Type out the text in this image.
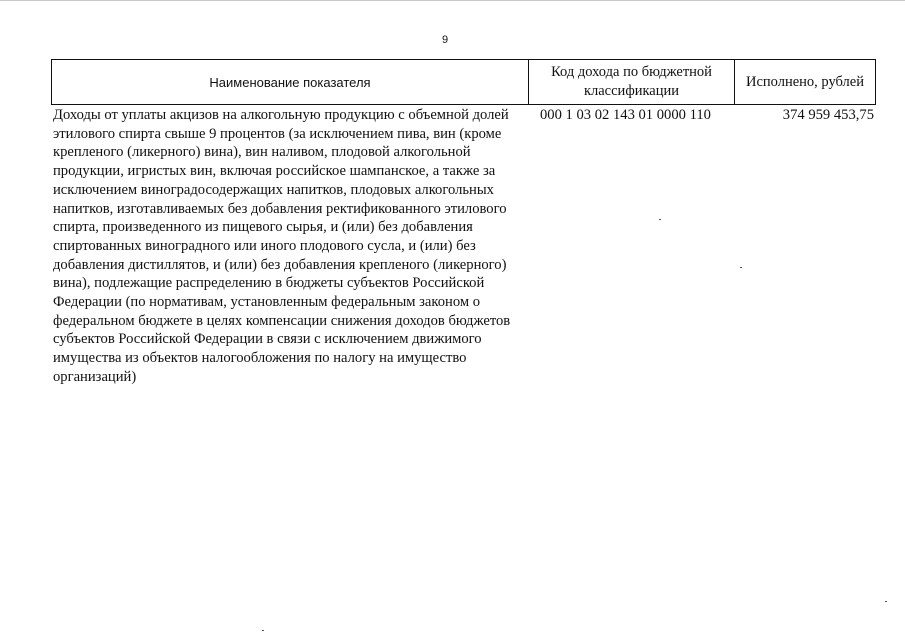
9
Наименование показателя
Код дохода по бюджетной классификации
Исполнено, рублей
Доходы от уплаты акцизов на алкогольную продукцию с объемной долей этилового спирта свыше 9 процентов (за исключением пива, вин (кроме крепленого (ликерного) вина), вин наливом, плодовой алкогольной продукции, игристых вин, включая российское шампанское, а также за исключением виноградосодержащих напитков, плодовых алкогольных напитков, изготавливаемых без добавления ректификованного этилового спирта, произведенного из пищевого сырья, и (или) без добавления спиртованных виноградного или иного плодового сусла, и (или) без добавления дистиллятов, и (или) без добавления крепленого (ликерного) вина), подлежащие распределению в бюджеты субъектов Российской Федерации (по нормативам, установленным федеральным законом о федеральном бюджете в целях компенсации снижения доходов бюджетов субъектов Российской Федерации в связи с исключением движимого имущества из объектов налогообложения по налогу на имущество организаций)
000 1 03 02 143 01 0000 110	374 959 453,75
